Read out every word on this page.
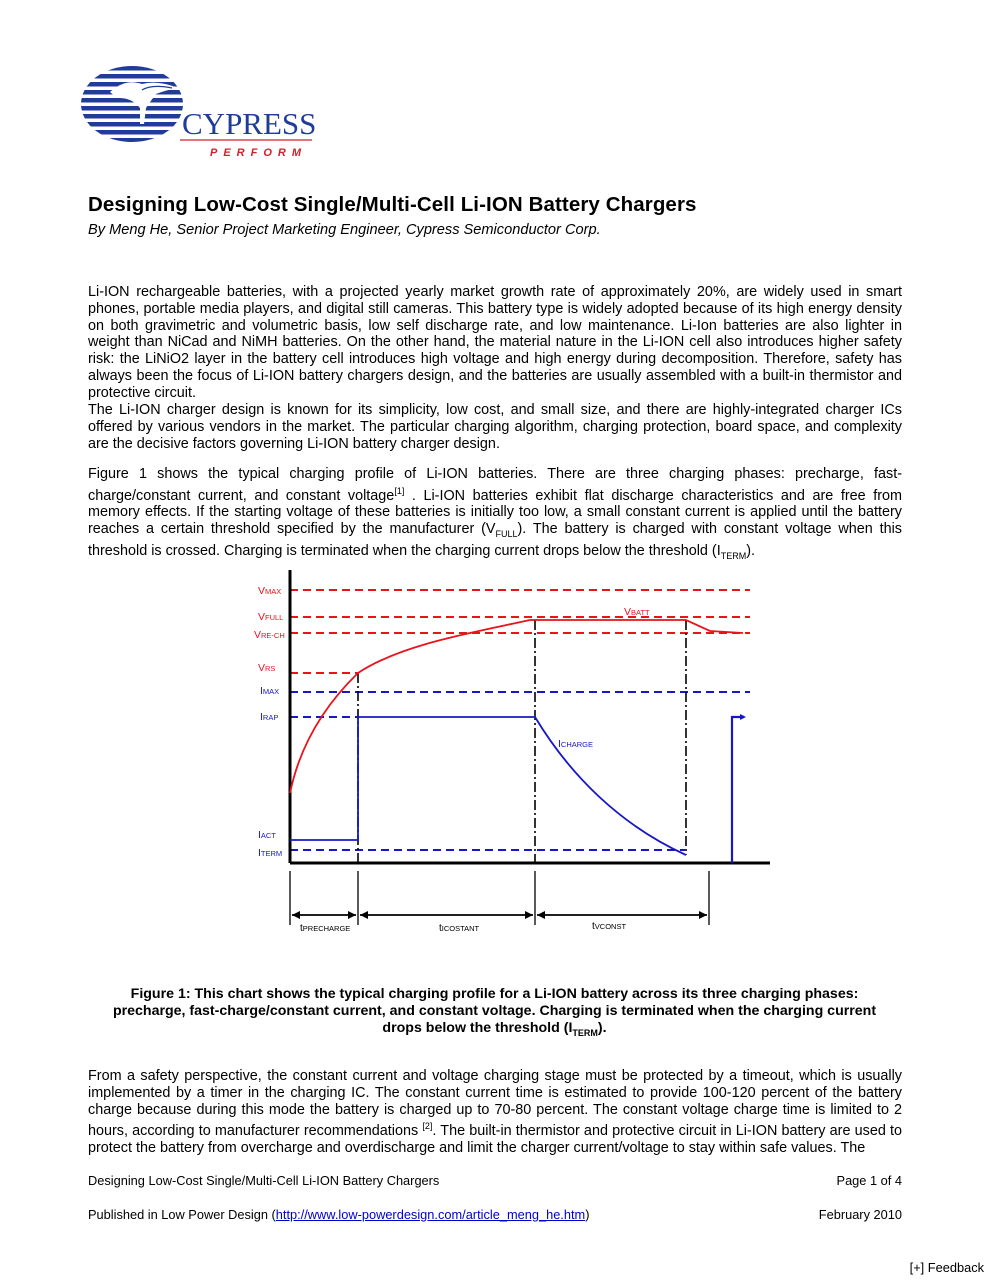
CYPRESS
PERFORM
Designing Low-Cost Single/Multi-Cell Li-ION Battery Chargers
By Meng He, Senior Project Marketing Engineer, Cypress Semiconductor Corp.
Li-ION rechargeable batteries, with a projected yearly market growth rate of approximately 20%, are widely used in smart phones, portable media players, and digital still cameras. This battery type is widely adopted because of its high energy density on both gravimetric and volumetric basis, low self discharge rate, and low maintenance. Li-Ion batteries are also lighter in weight than NiCad and NiMH batteries. On the other hand, the material nature in the Li-ION cell also introduces higher safety risk: the LiNiO2 layer in the battery cell introduces high voltage and high energy during decomposition. Therefore, safety has always been the focus of Li-ION battery chargers design, and the batteries are usually assembled with a built-in thermistor and protective circuit.
The Li-ION charger design is known for its simplicity, low cost, and small size, and there are highly-integrated charger ICs offered by various vendors in the market. The particular charging algorithm, charging protection, board space, and complexity are the decisive factors governing Li-ION battery charger design.
Figure 1 shows the typical charging profile of Li-ION batteries. There are three charging phases: precharge, fast-charge/constant current, and constant voltage[1] . Li-ION batteries exhibit flat discharge characteristics and are free from memory effects. If the starting voltage of these batteries is initially too low, a small constant current is applied until the battery reaches a certain threshold specified by the manufacturer $(V_{FULL})$. The battery is charged with constant voltage when this threshold is crossed. Charging is terminated when the charging current drops below the threshold $(I_{TERM})$.
VMAX
VFULL
VRE-CH
VRS
VBATT
IMAX
IRAP
IACT
ITERM
ICHARGE
tPRECHARGE	tICOSTANT	tVCONST
Figure 1: This chart shows the typical charging profile for a Li-ION battery across its three charging phases:
precharge, fast-charge/constant current, and constant voltage. Charging is terminated when the charging current
drops below the threshold $(I_{TERM})$.
From a safety perspective, the constant current and voltage charging stage must be protected by a timeout, which is usually implemented by a timer in the charging IC. The constant current time is estimated to provide 100-120 percent of the battery charge because during this mode the battery is charged up to 70-80 percent. The constant voltage charge time is limited to 2 hours, according to manufacturer recommendations [2]. The built-in thermistor and protective circuit in Li-ION battery are used to protect the battery from overcharge and overdischarge and limit the charger current/voltage to stay within safe values. The
Designing Low-Cost Single/Multi-Cell Li-ION Battery Chargers	Page 1 of 4
Published in Low Power Design (http://www.low-powerdesign.com/article_meng_he.htm)	February 2010
[+] Feedback
